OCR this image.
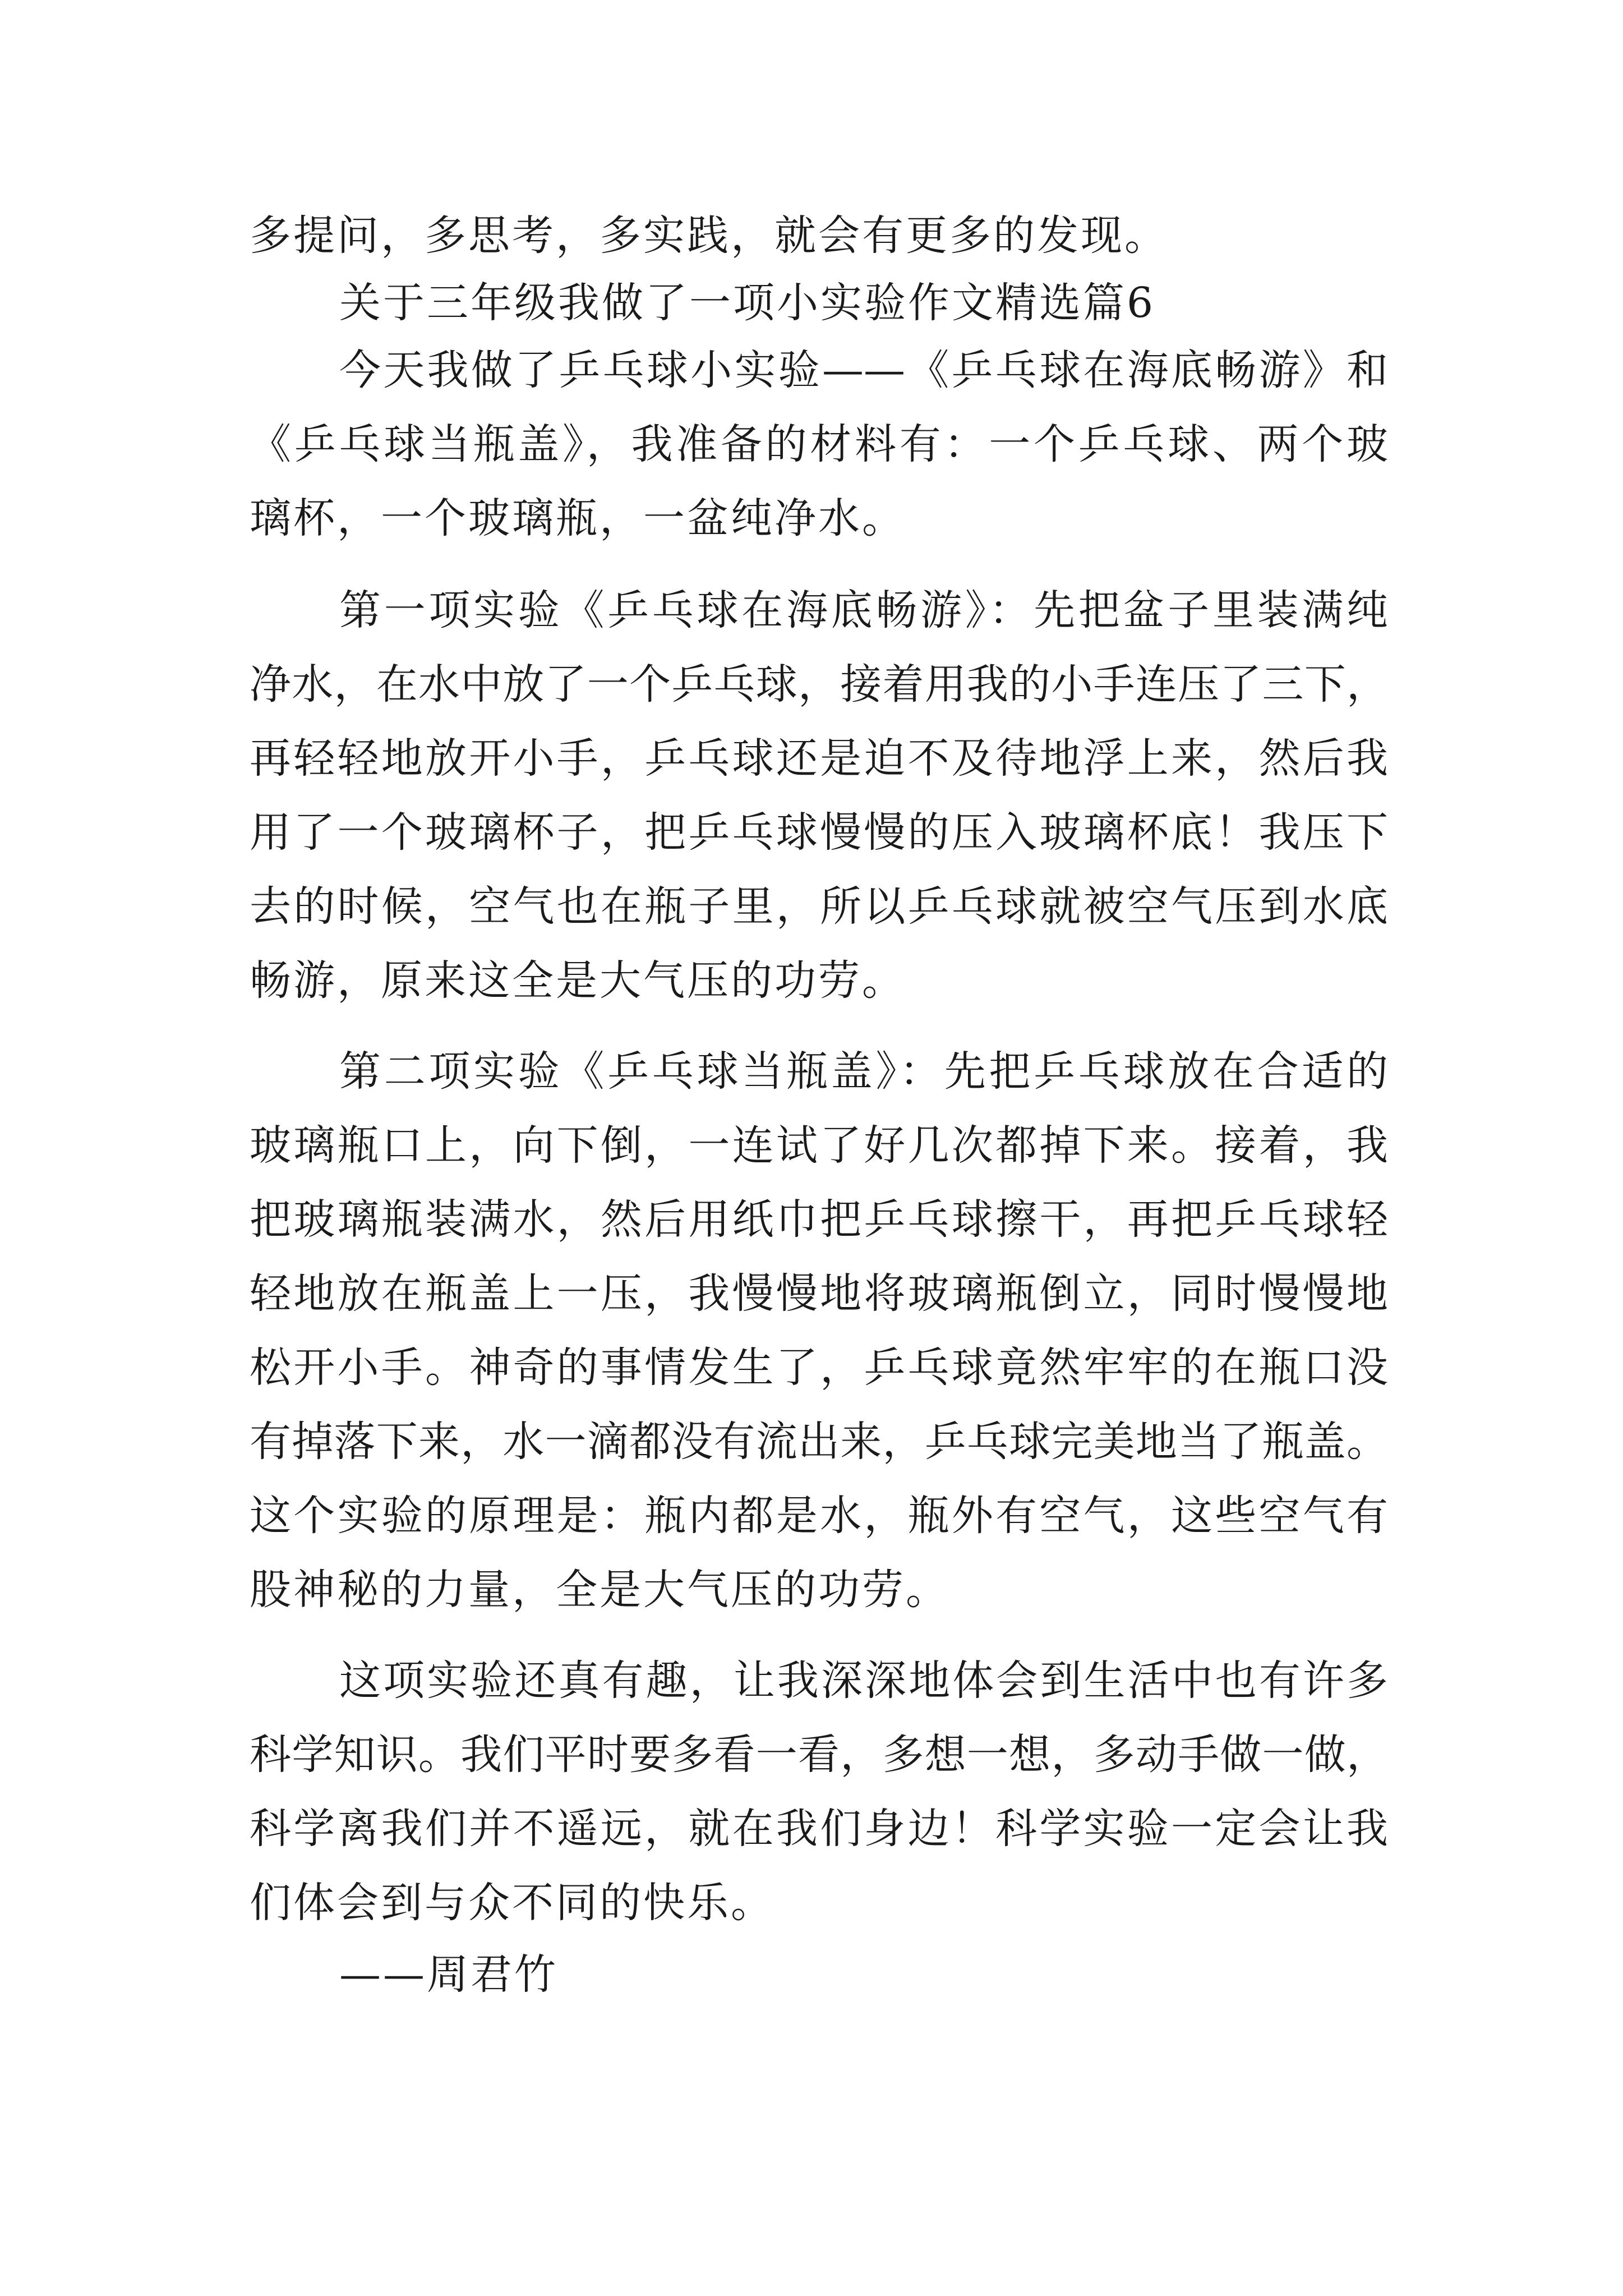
多提问，多思考，多实践，就会有更多的发现。
关于三年级我做了一项小实验作文精选篇6
今天我做了乒乓球小实验——《乒乓球在海底畅游》和
《乒乓球当瓶盖》，我准备的材料有：一个乒乓球、两个玻
璃杯，一个玻璃瓶，一盆纯净水。
第一项实验《乒乓球在海底畅游》：先把盆子里装满纯
净水，在水中放了一个乒乓球，接着用我的小手连压了三下，
再轻轻地放开小手，乒乓球还是迫不及待地浮上来，然后我
用了一个玻璃杯子，把乒乓球慢慢的压入玻璃杯底！我压下
去的时候，空气也在瓶子里，所以乒乓球就被空气压到水底
畅游，原来这全是大气压的功劳。
第二项实验《乒乓球当瓶盖》：先把乒乓球放在合适的
玻璃瓶口上，向下倒，一连试了好几次都掉下来。接着，我
把玻璃瓶装满水，然后用纸巾把乒乓球擦干，再把乒乓球轻
轻地放在瓶盖上一压，我慢慢地将玻璃瓶倒立，同时慢慢地
松开小手。神奇的事情发生了，乒乓球竟然牢牢的在瓶口没
有掉落下来，水一滴都没有流出来，乒乓球完美地当了瓶盖。
这个实验的原理是：瓶内都是水，瓶外有空气，这些空气有
股神秘的力量，全是大气压的功劳。
这项实验还真有趣，让我深深地体会到生活中也有许多
科学知识。我们平时要多看一看，多想一想，多动手做一做，
科学离我们并不遥远，就在我们身边！科学实验一定会让我
们体会到与众不同的快乐。
——周君竹
